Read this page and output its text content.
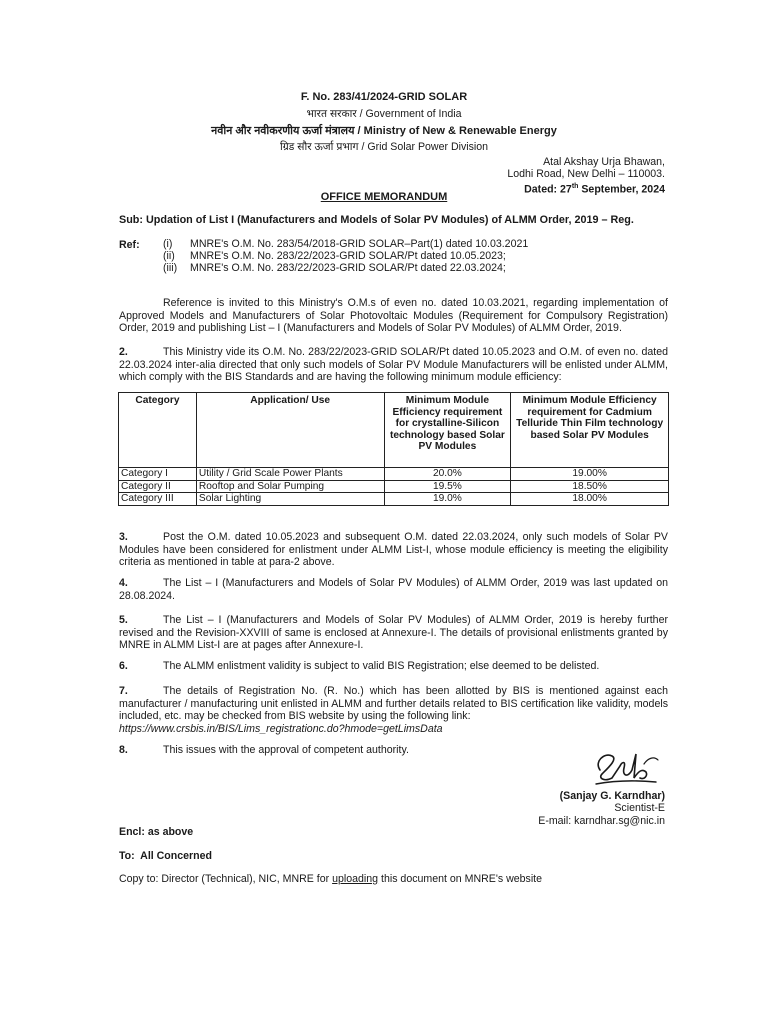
F. No. 283/41/2024-GRID SOLAR
भारत सरकार / Government of India
नवीन और नवीकरणीय ऊर्जा मंत्रालय / Ministry of New & Renewable Energy
ग्रिड सौर ऊर्जा प्रभाग / Grid Solar Power Division
Atal Akshay Urja Bhawan,
Lodhi Road, New Delhi – 110003.
Dated: 27th September, 2024
OFFICE MEMORANDUM
Sub: Updation of List I (Manufacturers and Models of Solar PV Modules) of ALMM Order, 2019 – Reg.
Ref: (i) MNRE's O.M. No. 283/54/2018-GRID SOLAR–Part(1) dated 10.03.2021
(ii) MNRE's O.M. No. 283/22/2023-GRID SOLAR/Pt dated 10.05.2023;
(iii) MNRE's O.M. No. 283/22/2023-GRID SOLAR/Pt dated 22.03.2024;
Reference is invited to this Ministry's O.M.s of even no. dated 10.03.2021, regarding implementation of Approved Models and Manufacturers of Solar Photovoltaic Modules (Requirement for Compulsory Registration) Order, 2019 and publishing List – I (Manufacturers and Models of Solar PV Modules) of ALMM Order, 2019.
2.	This Ministry vide its O.M. No. 283/22/2023-GRID SOLAR/Pt dated 10.05.2023 and O.M. of even no. dated 22.03.2024 inter-alia directed that only such models of Solar PV Module Manufacturers will be enlisted under ALMM, which comply with the BIS Standards and are having the following minimum module efficiency:
Category	Application/ Use	Minimum Module Efficiency requirement for crystalline-Silicon technology based Solar PV Modules	Minimum Module Efficiency requirement for Cadmium Telluride Thin Film technology based Solar PV Modules
Category I	Utility / Grid Scale Power Plants	20.0%	19.00%
Category II	Rooftop and Solar Pumping	19.5%	18.50%
Category III	Solar Lighting	19.0%	18.00%
3.	Post the O.M. dated 10.05.2023 and subsequent O.M. dated 22.03.2024, only such models of Solar PV Modules have been considered for enlistment under ALMM List-I, whose module efficiency is meeting the eligibility criteria as mentioned in table at para-2 above.
4.	The List – I (Manufacturers and Models of Solar PV Modules) of ALMM Order, 2019 was last updated on 28.08.2024.
5.	The List – I (Manufacturers and Models of Solar PV Modules) of ALMM Order, 2019 is hereby further revised and the Revision-XXVIII of same is enclosed at Annexure-I. The details of provisional enlistments granted by MNRE in ALMM List-I are at pages after Annexure-I.
6.	The ALMM enlistment validity is subject to valid BIS Registration; else deemed to be delisted.
7.	The details of Registration No. (R. No.) which has been allotted by BIS is mentioned against each manufacturer / manufacturing unit enlisted in ALMM and further details related to BIS certification like validity, models included, etc. may be checked from BIS website by using the following link:
https://www.crsbis.in/BIS/Lims_registrationc.do?hmode=getLimsData
8.	This issues with the approval of competent authority.
(Sanjay G. Karndhar)
Scientist-E
E-mail: karndhar.sg@nic.in
Encl: as above
To:  All Concerned
Copy to: Director (Technical), NIC, MNRE for uploading this document on MNRE's website
